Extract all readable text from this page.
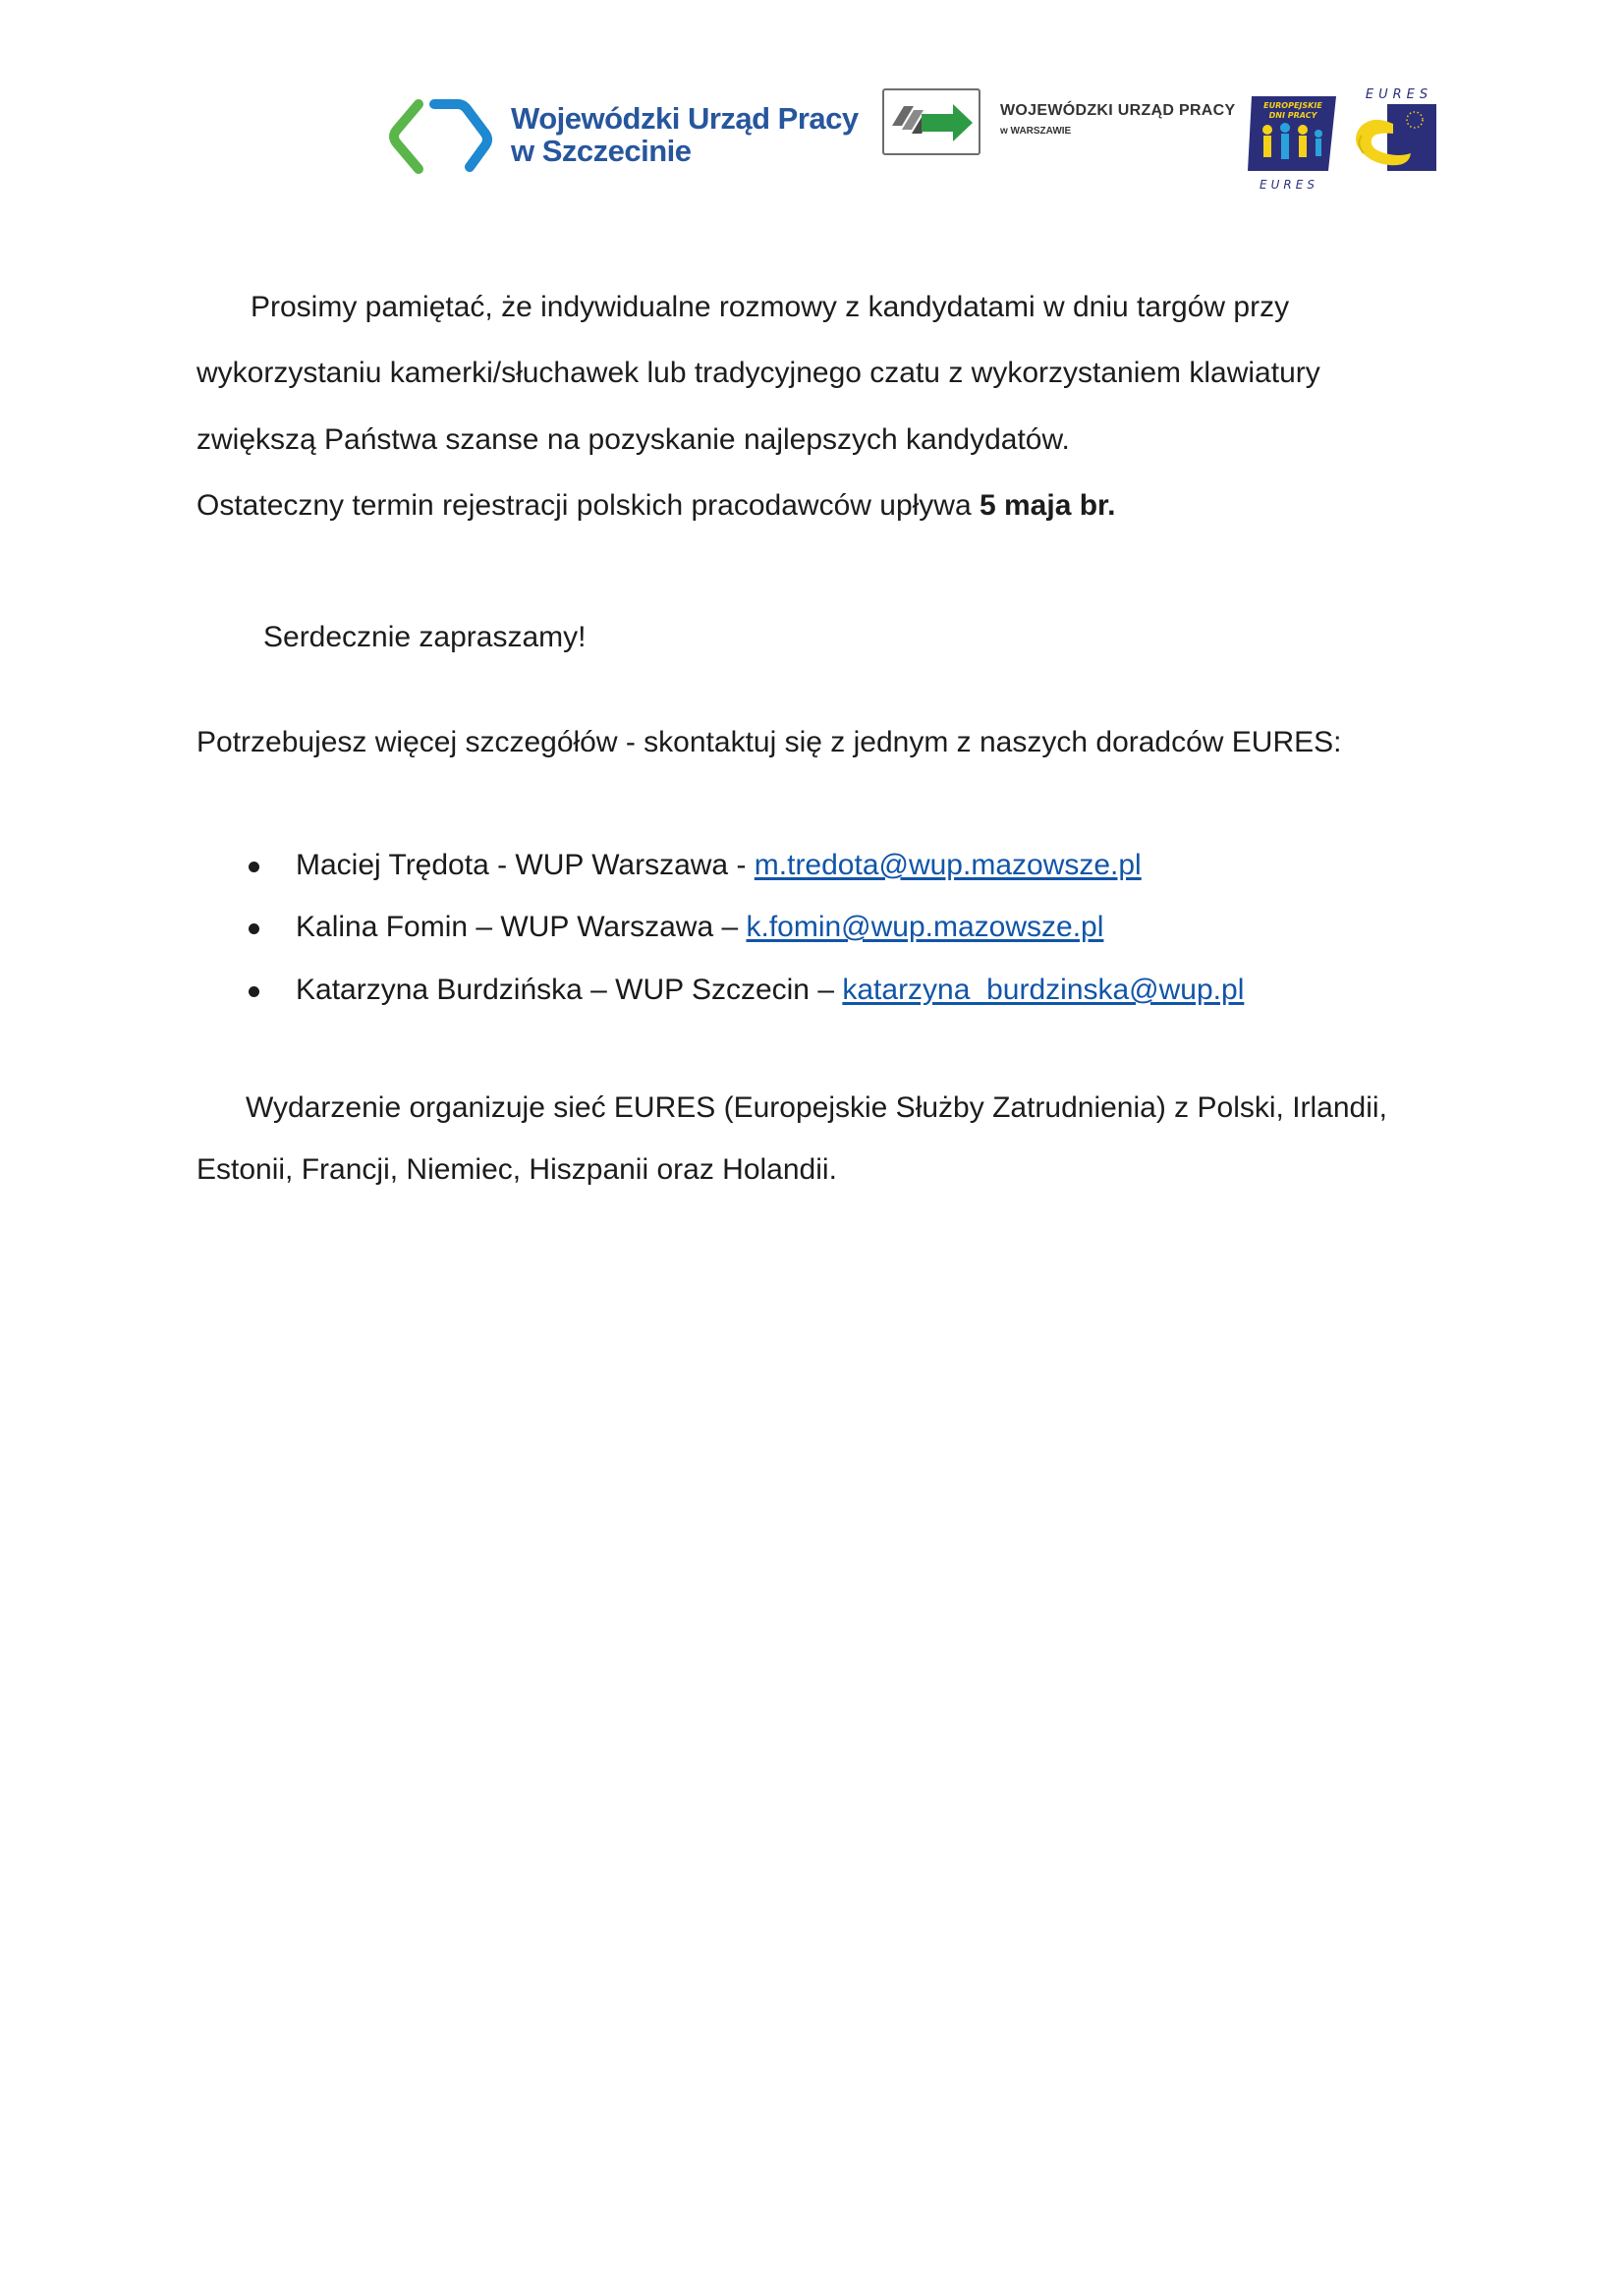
Wojewódzki Urząd Pracy
w Szczecinie
WOJEWÓDZKI URZĄD PRACY
w WARSZAWIE
EUROPEJSKIE
DNI PRACY
EURES
EURES
Prosimy pamiętać, że indywidualne rozmowy z kandydatami w dniu targów przy
wykorzystaniu kamerki/słuchawek lub tradycyjnego czatu z wykorzystaniem klawiatury
zwiększą Państwa szanse na pozyskanie najlepszych kandydatów.
Ostateczny termin rejestracji polskich pracodawców upływa 5 maja br.
Serdecznie zapraszamy!
Potrzebujesz więcej szczegółów - skontaktuj się z jednym z naszych doradców EURES:
Maciej Trędota - WUP Warszawa - m.tredota@wup.mazowsze.pl
Kalina Fomin – WUP Warszawa – k.fomin@wup.mazowsze.pl
Katarzyna Burdzińska – WUP Szczecin – katarzyna_burdzinska@wup.pl
Wydarzenie organizuje sieć EURES (Europejskie Służby Zatrudnienia) z Polski, Irlandii,
Estonii, Francji, Niemiec, Hiszpanii oraz Holandii.
